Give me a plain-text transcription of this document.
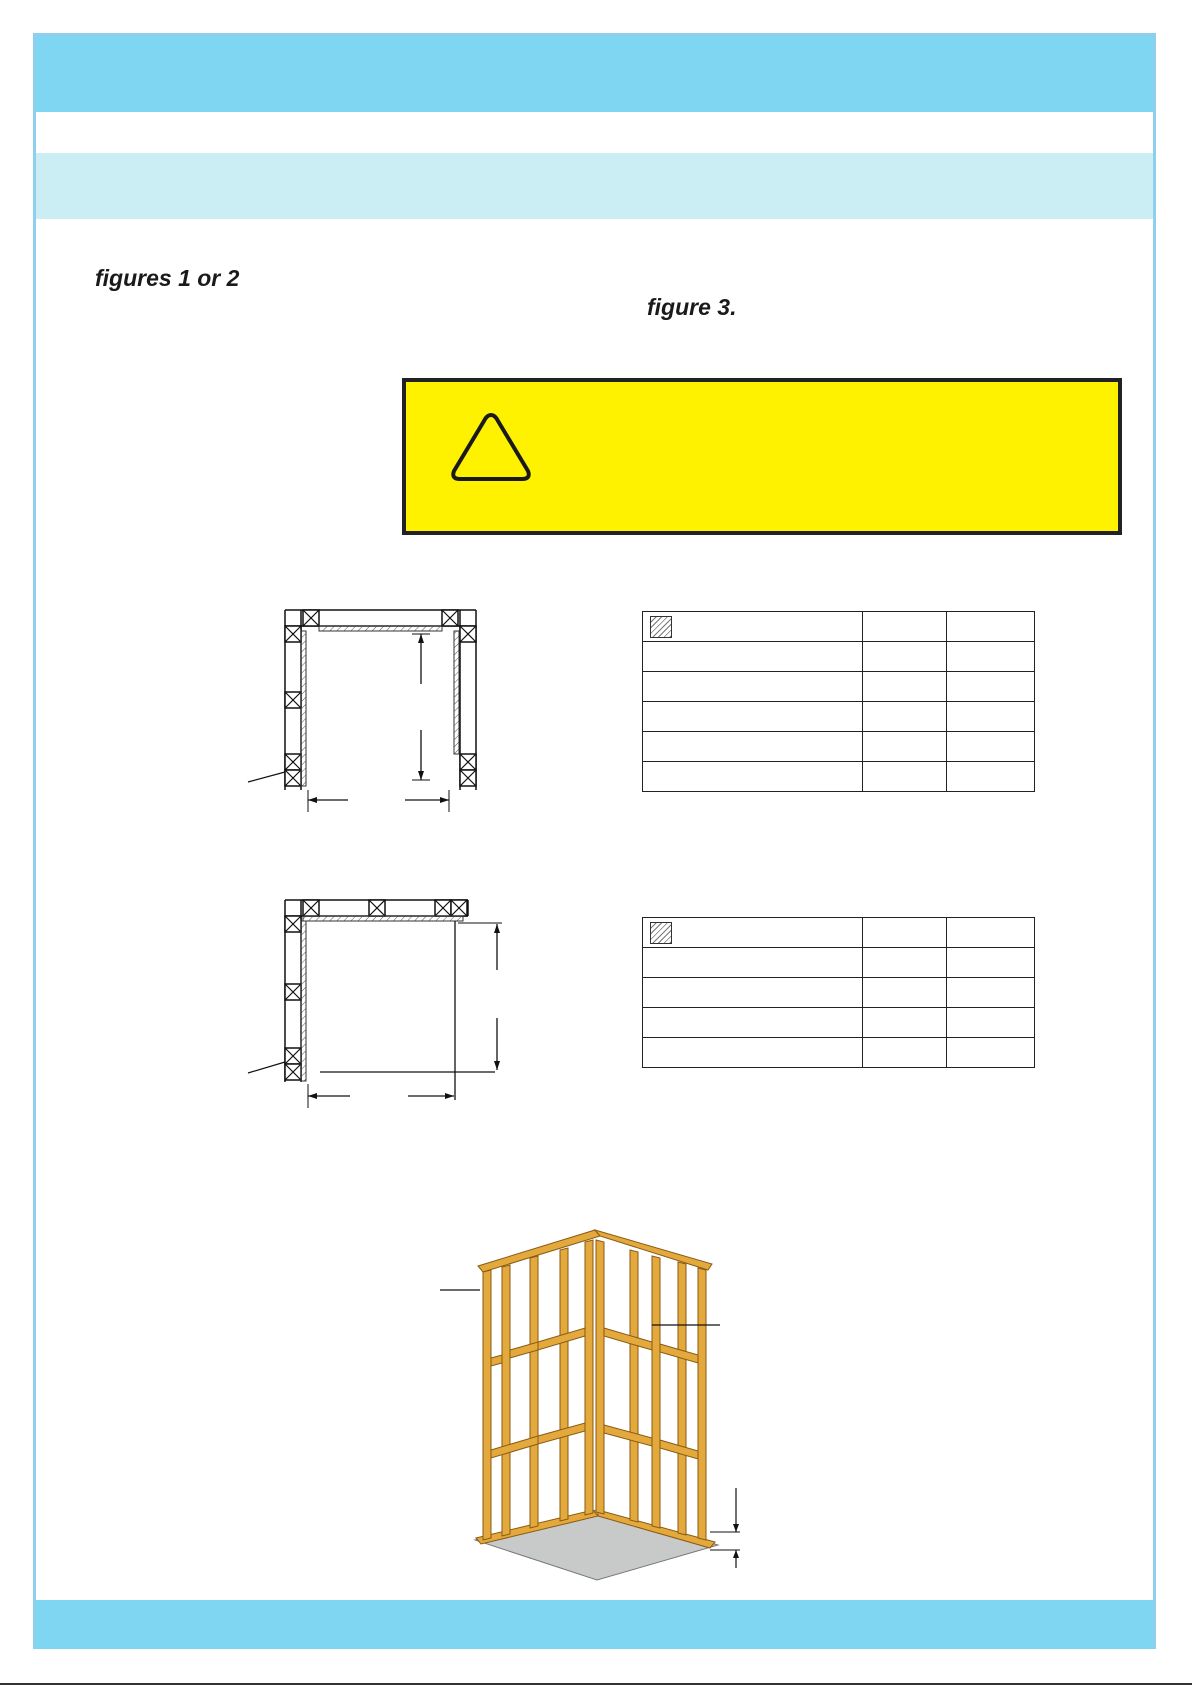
figures 1 or 2

figure 3.
